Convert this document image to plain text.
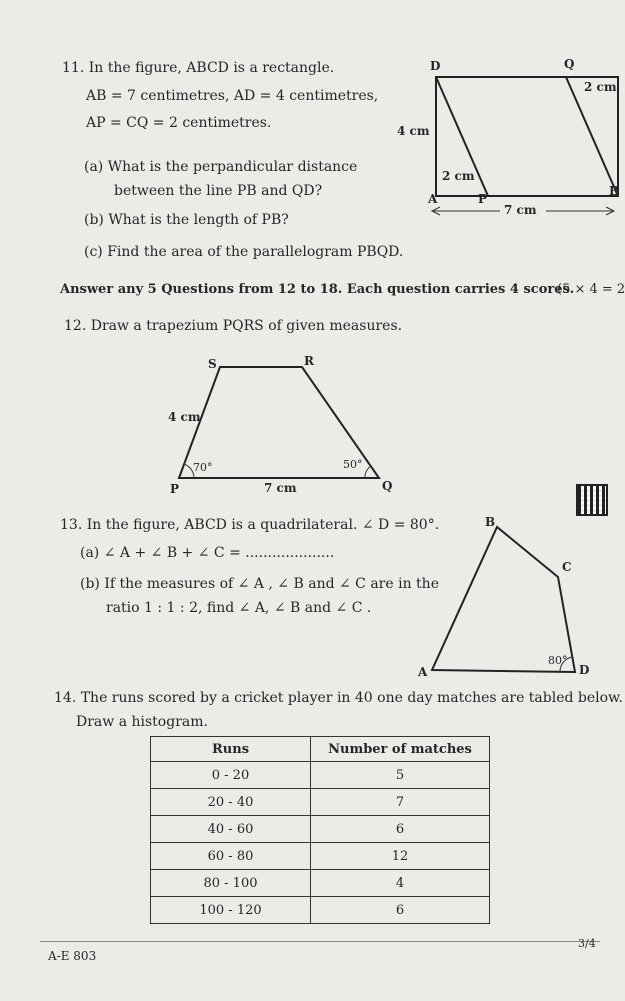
11. In the figure, ABCD is a rectangle.
AB = 7 centimetres, AD = 4 centimetres,
AP = CQ = 2 centimetres.
(a) What is the perpandicular distance
between the line PB and QD?
(b) What is the length of PB?
(c) Find the area of the parallelogram PBQD.
D	Q
A	P
B
4 cm
2 cm
2 cm
7 cm
Answer any 5 Questions from 12 to 18. Each question carries 4 scores.
(5 × 4 = 2
12. Draw a trapezium PQRS of given measures.
S	R
P	Q
4 cm
7 cm
70°	50°
13. In the figure, ABCD is a quadrilateral. ∠ D = 80°.
(a) ∠ A + ∠ B + ∠ C = ....................
(b) If the measures of ∠ A , ∠ B and ∠ C are in the
ratio 1 : 1 : 2, find ∠ A, ∠ B and ∠ C .
B
C
A	D
80°
14. The runs scored by a cricket player in 40 one day matches are tabled below.
Draw a histogram.
Runs	Number of matches
0 - 20	5
20 - 40	7
40 - 60	6
60 - 80	12
80 - 100	4
100 - 120	6
A-E 803
3/4
